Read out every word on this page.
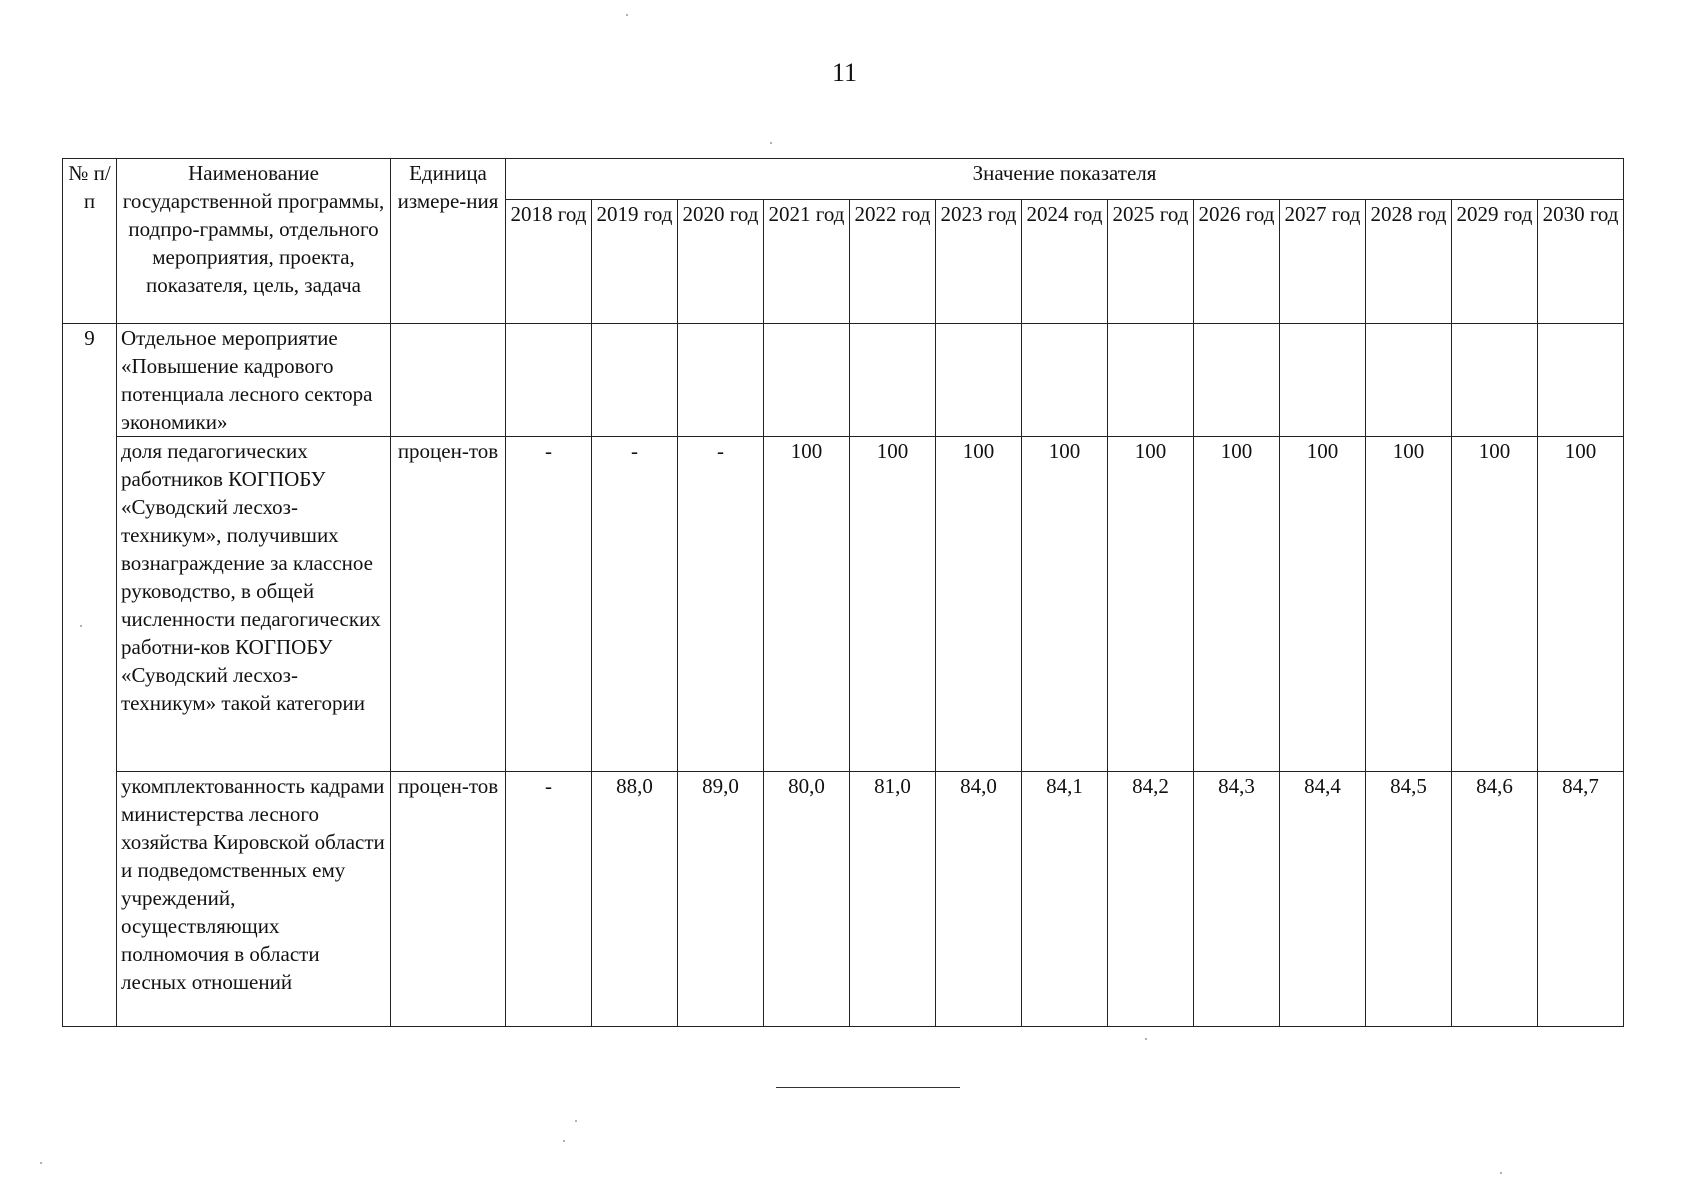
11
№ п/п	Наименование государственной программы, подпро-граммы, отдельного мероприятия, проекта, показателя, цель, задача	Единица измере-ния	Значение показателя												
			2018 год	2019 год	2020 год	2021 год	2022 год	2023 год	2024 год	2025 год	2026 год	2027 год	2028 год	2029 год	2030 год
9	Отдельное мероприятие «Повышение кадрового потенциала лесного сектора экономики»														
	доля педагогических работников КОГПОБУ «Суводский лесхоз-техникум», получивших вознаграждение за классное руководство, в общей численности педагогических работни-ков КОГПОБУ «Суводский лесхоз-техникум» такой категории	процен-тов	-	-	-	100	100	100	100	100	100	100	100	100	100
	укомплектованность кадрами министерства лесного хозяйства Кировской области и подведомственных ему учреждений, осуществляющих полномочия в области лесных отношений	процен-тов	-	88,0	89,0	80,0	81,0	84,0	84,1	84,2	84,3	84,4	84,5	84,6	84,7
